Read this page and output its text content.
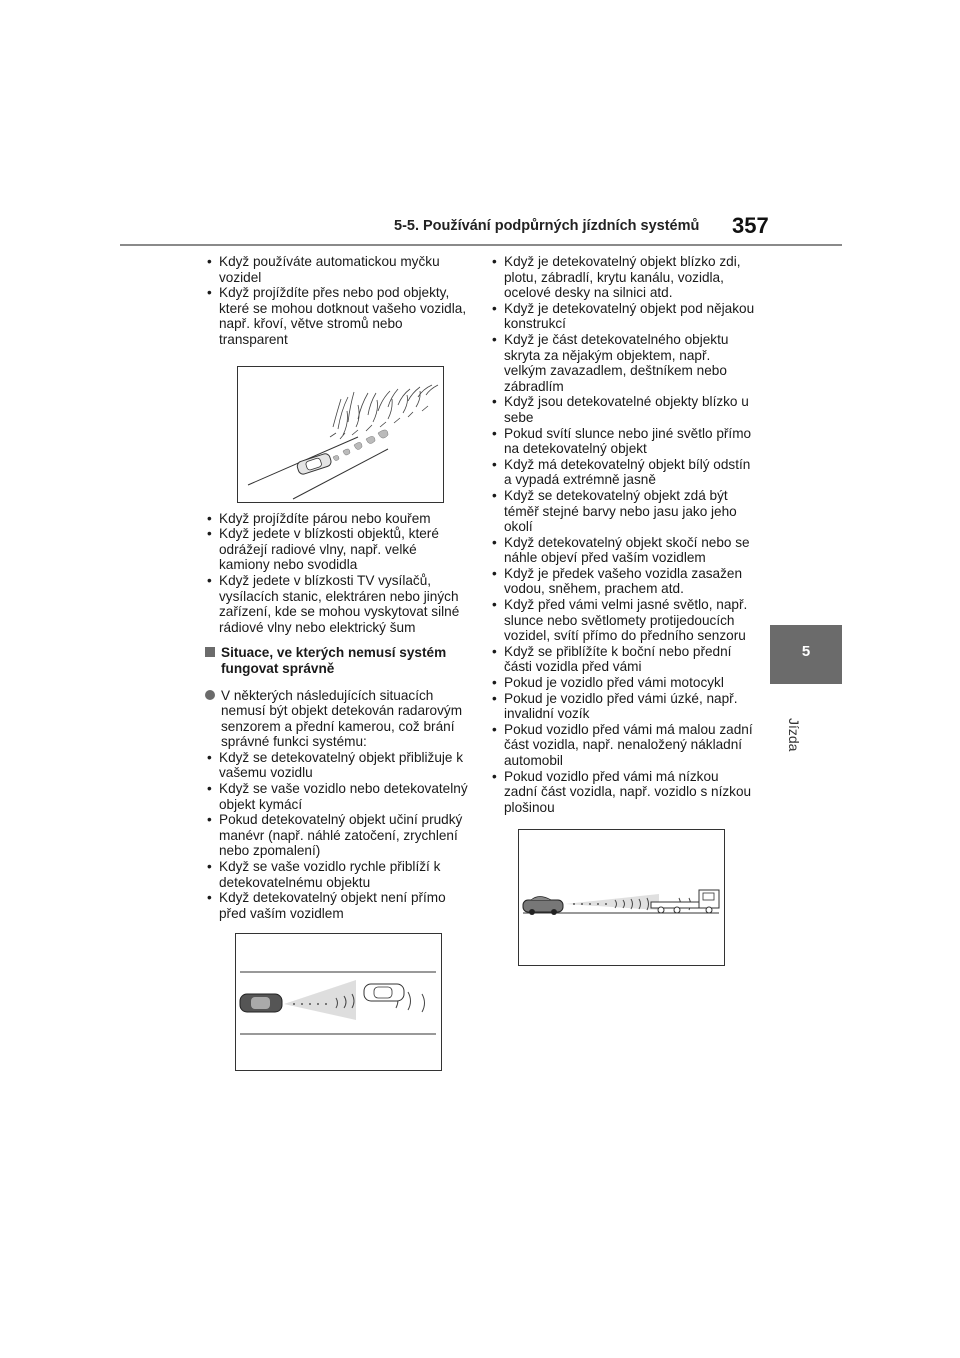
5-5. Používání podpůrných jízdních systémů 357
5
Jízda
• Když používáte automatickou myčku vozidel
• Když projíždíte přes nebo pod objekty, které se mohou dotknout vašeho vozidla, např. křoví, větve stromů nebo transparent
• Když projíždíte párou nebo kouřem
• Když jedete v blízkosti objektů, které odrážejí radiové vlny, např. velké kamiony nebo svodidla
• Když jedete v blízkosti TV vysílačů, vysílacích stanic, elektráren nebo jiných zařízení, kde se mohou vyskytovat silné rádiové vlny nebo elektrický šum
Situace, ve kterých nemusí systém fungovat správně
V některých následujících situacích nemusí být objekt detekován radarovým senzorem a přední kamerou, což brání správné funkci systému:
• Když se detekovatelný objekt přibližuje k vašemu vozidlu
• Když se vaše vozidlo nebo detekovatelný objekt kymácí
• Pokud detekovatelný objekt učiní prudký manévr (např. náhlé zatočení, zrychlení nebo zpomalení)
• Když se vaše vozidlo rychle přiblíží k detekovatelnému objektu
• Když detekovatelný objekt není přímo před vaším vozidlem
• Když je detekovatelný objekt blízko zdi, plotu, zábradlí, krytu kanálu, vozidla, ocelové desky na silnici atd.
• Když je detekovatelný objekt pod nějakou konstrukcí
• Když je část detekovatelného objektu skryta za nějakým objektem, např. velkým zavazadlem, deštníkem nebo zábradlím
• Když jsou detekovatelné objekty blízko u sebe
• Pokud svítí slunce nebo jiné světlo přímo na detekovatelný objekt
• Když má detekovatelný objekt bílý odstín a vypadá extrémně jasně
• Když se detekovatelný objekt zdá být téměř stejné barvy nebo jasu jako jeho okolí
• Když detekovatelný objekt skočí nebo se náhle objeví před vaším vozidlem
• Když je předek vašeho vozidla zasažen vodou, sněhem, prachem atd.
• Když před vámi velmi jasné světlo, např. slunce nebo světlomety protijedoucích vozidel, svítí přímo do předního senzoru
• Když se přiblížíte k boční nebo přední části vozidla před vámi
• Pokud je vozidlo před vámi motocykl
• Pokud je vozidlo před vámi úzké, např. invalidní vozík
• Pokud vozidlo před vámi má malou zadní část vozidla, např. nenaložený nákladní automobil
• Pokud vozidlo před vámi má nízkou zadní část vozidla, např. vozidlo s nízkou plošinou
